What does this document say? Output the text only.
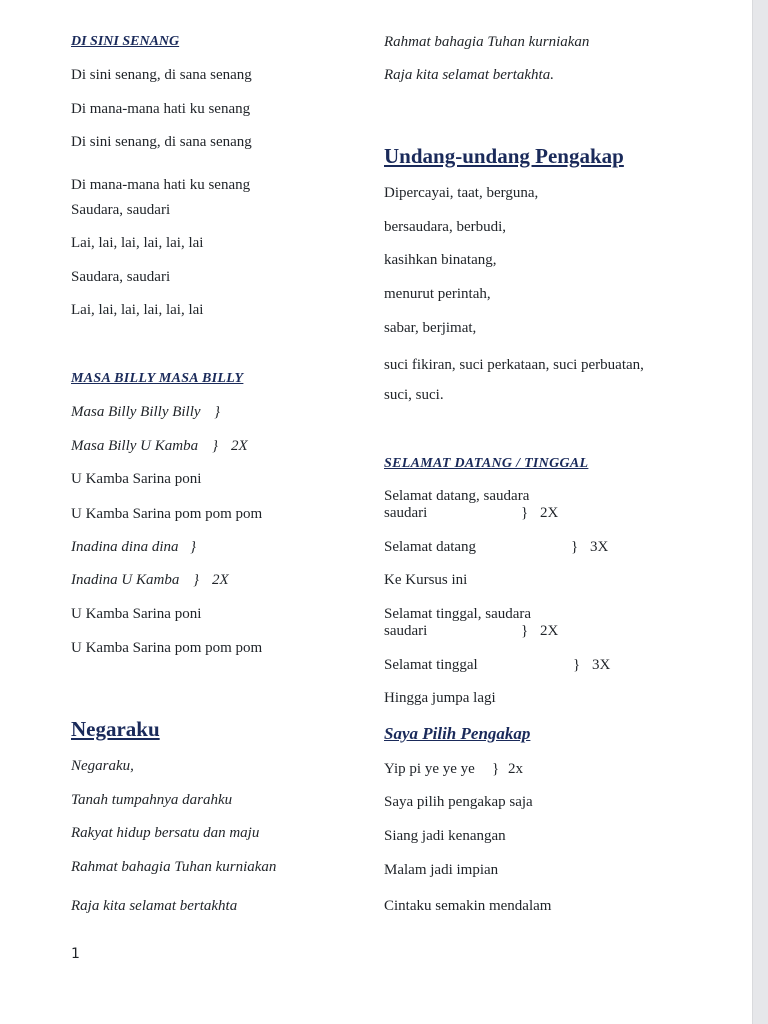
DI SINI SENANG
Di sini senang, di sana senang
Di mana-mana hati ku senang
Di sini senang, di sana senang
Di mana-mana hati ku senang
Saudara, saudari
Lai, lai, lai, lai, lai, lai
Saudara, saudari
Lai, lai, lai, lai, lai, lai
MASA BILLY MASA BILLY
Masa Billy Billy Billy }
Masa Billy U Kamba } 2X
U Kamba Sarina poni
U Kamba Sarina pom pom pom
Inadina dina dina }
Inadina U Kamba } 2X
U Kamba Sarina poni
U Kamba Sarina pom pom pom
Negaraku
Negaraku,
Tanah tumpahnya darahku
Rakyat hidup bersatu dan maju
Rahmat bahagia Tuhan kurniakan
Raja kita selamat bertakhta
1
Rahmat bahagia Tuhan kurniakan
Raja kita selamat bertakhta.
Undang-undang Pengakap
Dipercayai, taat, berguna,
bersaudara, berbudi,
kasihkan binatang,
menurut perintah,
sabar, berjimat,
suci fikiran, suci perkataan, suci perbuatan,
suci, suci.
SELAMAT DATANG / TINGGAL
Selamat datang, saudara
saudari	} 2X
Selamat datang	} 3X
Ke Kursus ini
Selamat tinggal, saudara
saudari	} 2X
Selamat tinggal	} 3X
Hingga jumpa lagi
Saya Pilih Pengakap
Yip pi ye ye ye } 2x
Saya pilih pengakap saja
Siang jadi kenangan
Malam jadi impian
Cintaku semakin mendalam
